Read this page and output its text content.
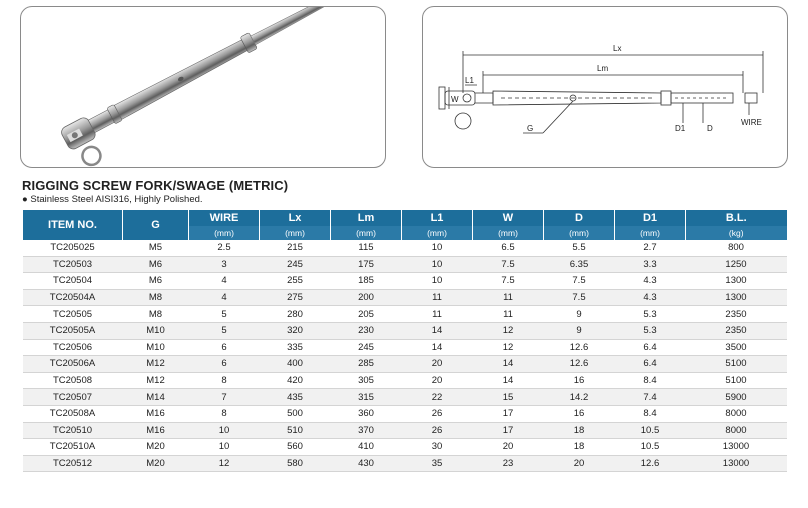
Lx
Lm
L1
W
G	D1	D
WIRE
RIGGING SCREW FORK/SWAGE (METRIC)
● Stainless Steel AISI316, Highly Polished.
ITEM NO.	G	WIRE	Lx	Lm	L1	W	D	D1	B.L.
		(mm)	(mm)	(mm)	(mm)	(mm)	(mm)	(mm)	(kg)
TC205025	M5	2.5	215	115	10	6.5	5.5	2.7	800
TC20503	M6	3	245	175	10	7.5	6.35	3.3	1250
TC20504	M6	4	255	185	10	7.5	7.5	4.3	1300
TC20504A	M8	4	275	200	11	11	7.5	4.3	1300
TC20505	M8	5	280	205	11	11	9	5.3	2350
TC20505A	M10	5	320	230	14	12	9	5.3	2350
TC20506	M10	6	335	245	14	12	12.6	6.4	3500
TC20506A	M12	6	400	285	20	14	12.6	6.4	5100
TC20508	M12	8	420	305	20	14	16	8.4	5100
TC20507	M14	7	435	315	22	15	14.2	7.4	5900
TC20508A	M16	8	500	360	26	17	16	8.4	8000
TC20510	M16	10	510	370	26	17	18	10.5	8000
TC20510A	M20	10	560	410	30	20	18	10.5	13000
TC20512	M20	12	580	430	35	23	20	12.6	13000
